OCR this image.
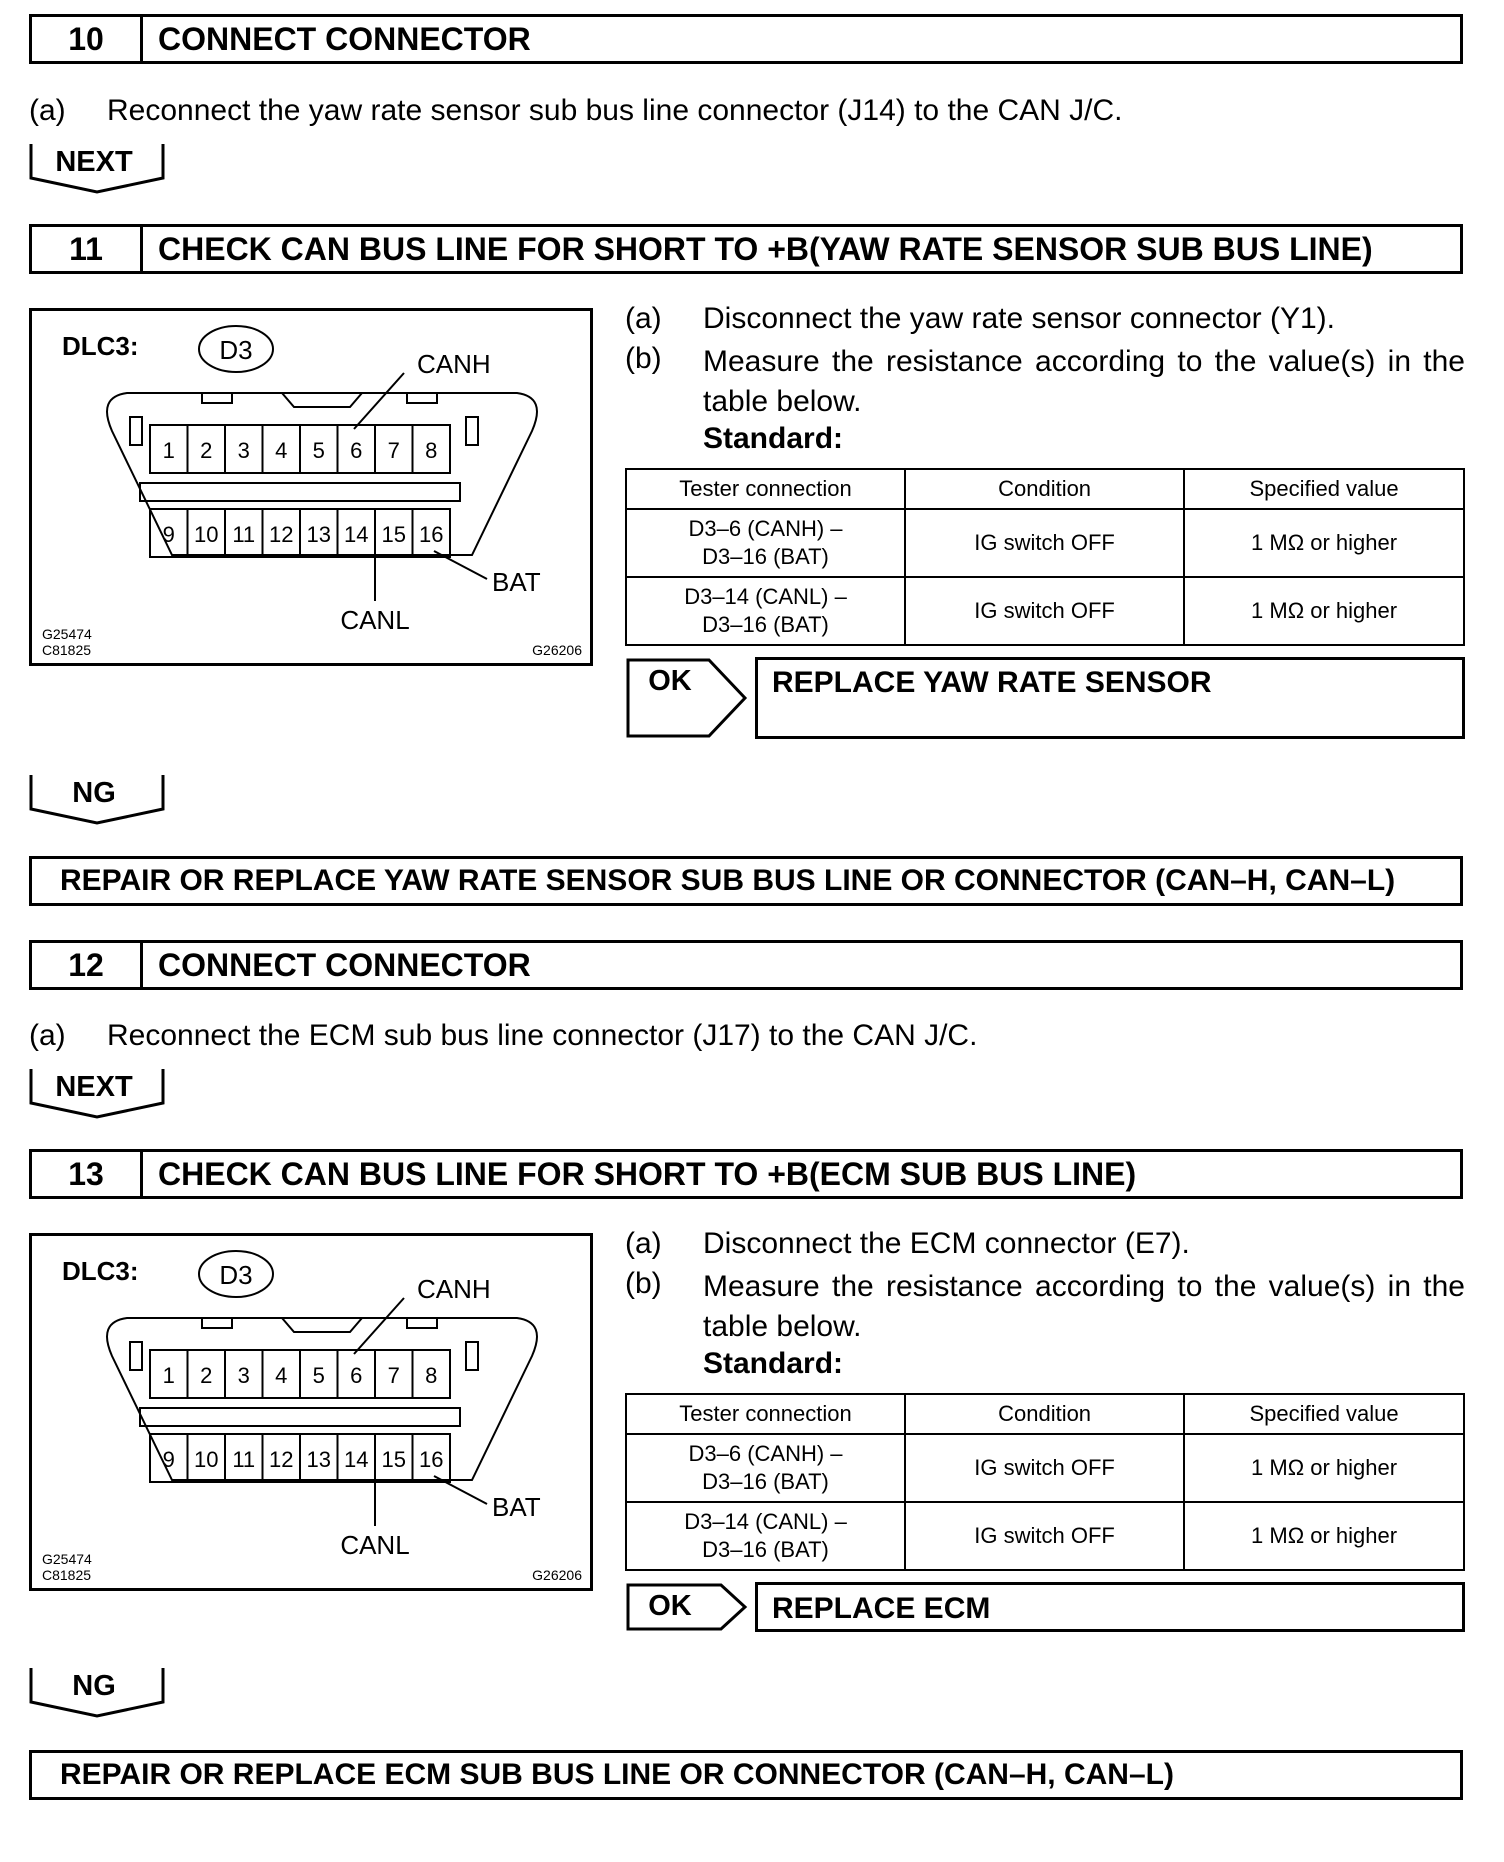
10	CONNECT CONNECTOR
(a) Reconnect the yaw rate sensor sub bus line connector (J14) to the CAN J/C.
NEXT
11	CHECK CAN BUS LINE FOR SHORT TO +B(YAW RATE SENSOR SUB BUS LINE)
DLC3:	D3	CANH
1 2 3 4 5 6 7 8
9 10 11 12 13 14 15 16
BAT
CANL
G25474
C81825	G26206
(a) Disconnect the yaw rate sensor connector (Y1).
(b) Measure the resistance according to the value(s) in the table below.
Standard:
Tester connection	Condition	Specified value
D3–6 (CANH) –
D3–16 (BAT)	IG switch OFF	1 MΩ or higher
D3–14 (CANL) –
D3–16 (BAT)	IG switch OFF	1 MΩ or higher
OK	REPLACE YAW RATE SENSOR
NG
REPAIR OR REPLACE YAW RATE SENSOR SUB BUS LINE OR CONNECTOR (CAN–H, CAN–L)
12	CONNECT CONNECTOR
(a) Reconnect the ECM sub bus line connector (J17) to the CAN J/C.
NEXT
13	CHECK CAN BUS LINE FOR SHORT TO +B(ECM SUB BUS LINE)
DLC3:	D3	CANH
1 2 3 4 5 6 7 8
9 10 11 12 13 14 15 16
BAT
CANL
G25474
C81825	G26206
(a) Disconnect the ECM connector (E7).
(b) Measure the resistance according to the value(s) in the table below.
Standard:
Tester connection	Condition	Specified value
D3–6 (CANH) –
D3–16 (BAT)	IG switch OFF	1 MΩ or higher
D3–14 (CANL) –
D3–16 (BAT)	IG switch OFF	1 MΩ or higher
OK	REPLACE ECM
NG
REPAIR OR REPLACE ECM SUB BUS LINE OR CONNECTOR (CAN–H, CAN–L)
